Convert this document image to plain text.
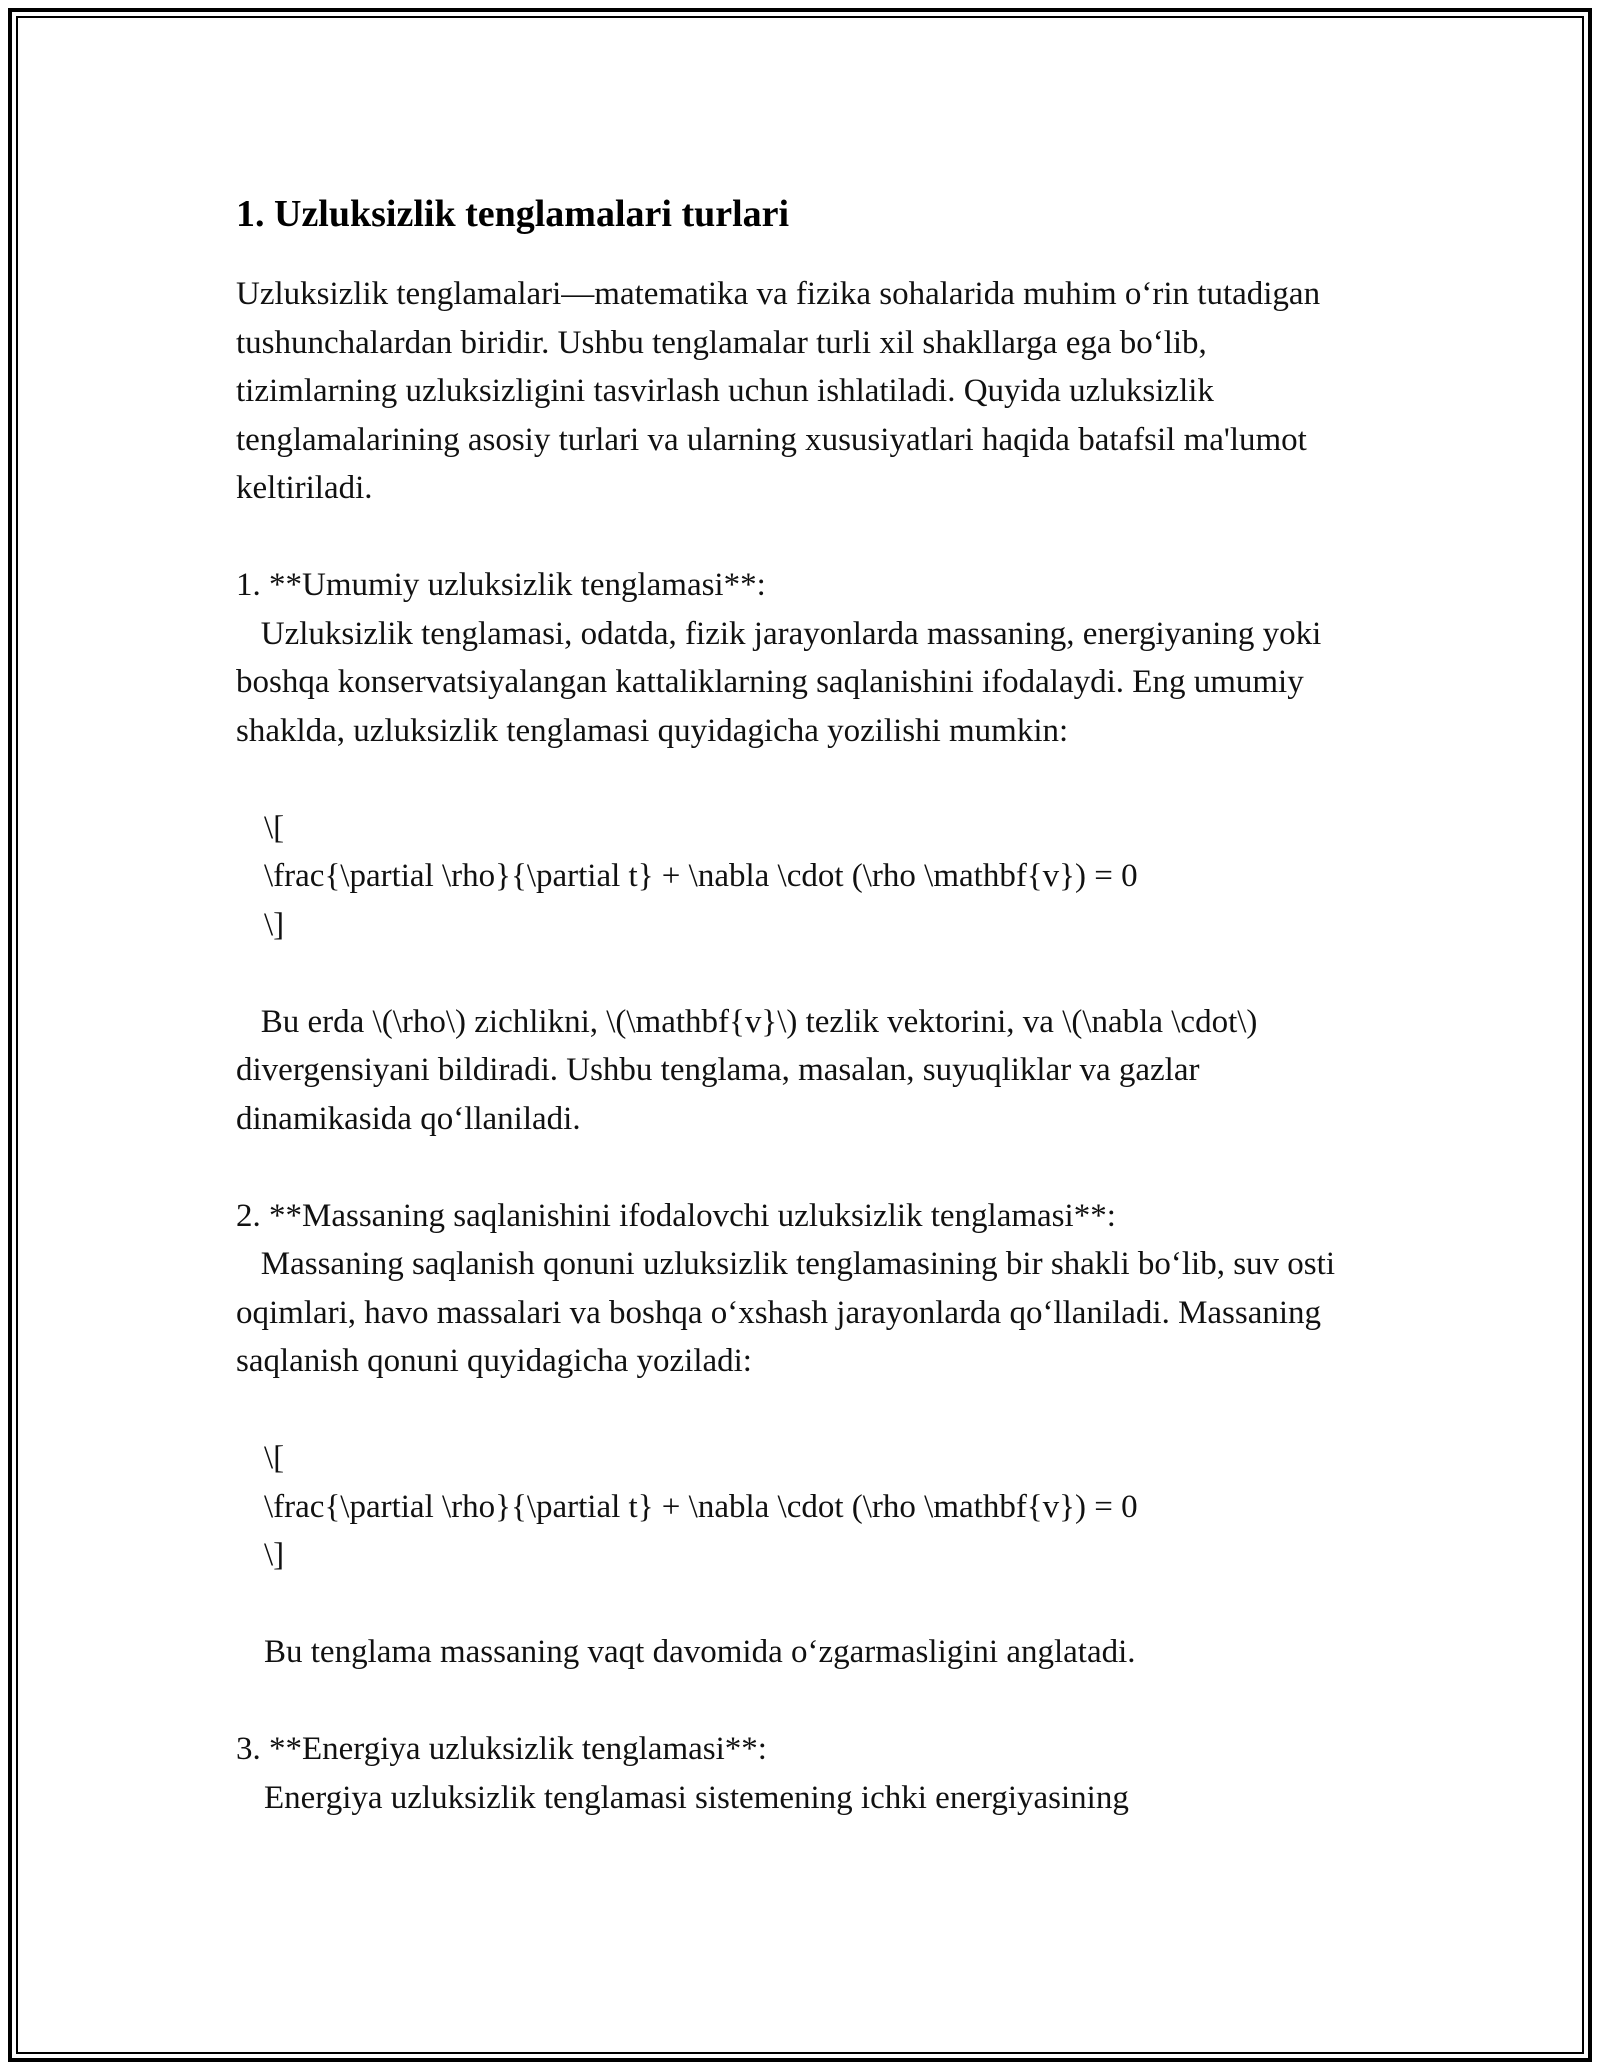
1. Uzluksizlik tenglamalari turlari

Uzluksizlik tenglamalari—matematika va fizika sohalarida muhim o‘rin tutadigan tushunchalardan biridir. Ushbu tenglamalar turli xil shakllarga ega bo‘lib, tizimlarning uzluksizligini tasvirlash uchun ishlatiladi. Quyida uzluksizlik tenglamalarining asosiy turlari va ularning xususiyatlari haqida batafsil ma'lumot keltiriladi.

1. **Umumiy uzluksizlik tenglamasi**:

Uzluksizlik tenglamasi, odatda, fizik jarayonlarda massaning, energiyaning yoki boshqa konservatsiyalangan kattaliklarning saqlanishini ifodalaydi. Eng umumiy shaklda, uzluksizlik tenglamasi quyidagicha yozilishi mumkin:

\[

\frac{\partial \rho}{\partial t} + \nabla \cdot (\rho \mathbf{v}) = 0

\]

Bu erda \(\rho\) zichlikni, \(\mathbf{v}\) tezlik vektorini, va \(\nabla \cdot\) divergensiyani bildiradi. Ushbu tenglama, masalan, suyuqliklar va gazlar dinamikasida qo‘llaniladi.

2. **Massaning saqlanishini ifodalovchi uzluksizlik tenglamasi**:

Massaning saqlanish qonuni uzluksizlik tenglamasining bir shakli bo‘lib, suv osti oqimlari, havo massalari va boshqa o‘xshash jarayonlarda qo‘llaniladi. Massaning saqlanish qonuni quyidagicha yoziladi:

\[

\frac{\partial \rho}{\partial t} + \nabla \cdot (\rho \mathbf{v}) = 0

\]

Bu tenglama massaning vaqt davomida o‘zgarmasligini anglatadi.

3. **Energiya uzluksizlik tenglamasi**:

Energiya uzluksizlik tenglamasi sistemening ichki energiyasining
